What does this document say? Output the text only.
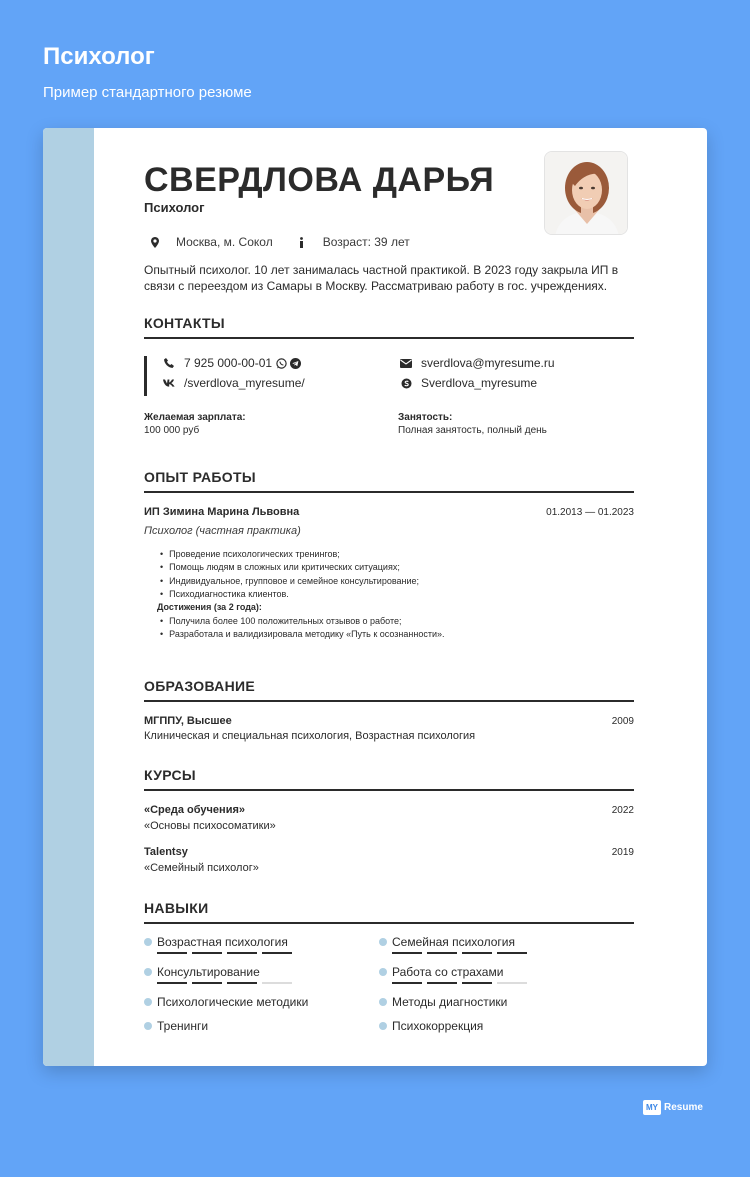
Психолог
Пример стандартного резюме
СВЕРДЛОВА ДАРЬЯ
Психолог
Москва, м. Сокол	Возраст: 39 лет
Опытный психолог. 10 лет занималась частной практикой. В 2023 году закрыла ИП в связи с переездом из Самары в Москву. Рассматриваю работу в гос. учреждениях.
КОНТАКТЫ
7 925 000-00-01
/sverdlova_myresume/
sverdlova@myresume.ru
Sverdlova_myresume
Желаемая зарплата:
100 000 руб
Занятость:
Полная занятость, полный день
ОПЫТ РАБОТЫ
ИП Зимина Марина Львовна	01.2013 — 01.2023
Психолог (частная практика)
• Проведение психологических тренингов;
• Помощь людям в сложных или критических ситуациях;
• Индивидуальное, групповое и семейное консультирование;
• Психодиагностика клиентов.
Достижения (за 2 года):
• Получила более 100 положительных отзывов о работе;
• Разработала и валидизировала методику «Путь к осознанности».
ОБРАЗОВАНИЕ
МГППУ, Высшее	2009
Клиническая и специальная психология, Возрастная психология
КУРСЫ
«Среда обучения»	2022
«Основы психосоматики»
Talentsy	2019
«Семейный психолог»
НАВЫКИ
Возрастная психология	Семейная психология
Консультирование	Работа со страхами
Психологические методики	Методы диагностики
Тренинги	Психокоррекция
MY Resume
